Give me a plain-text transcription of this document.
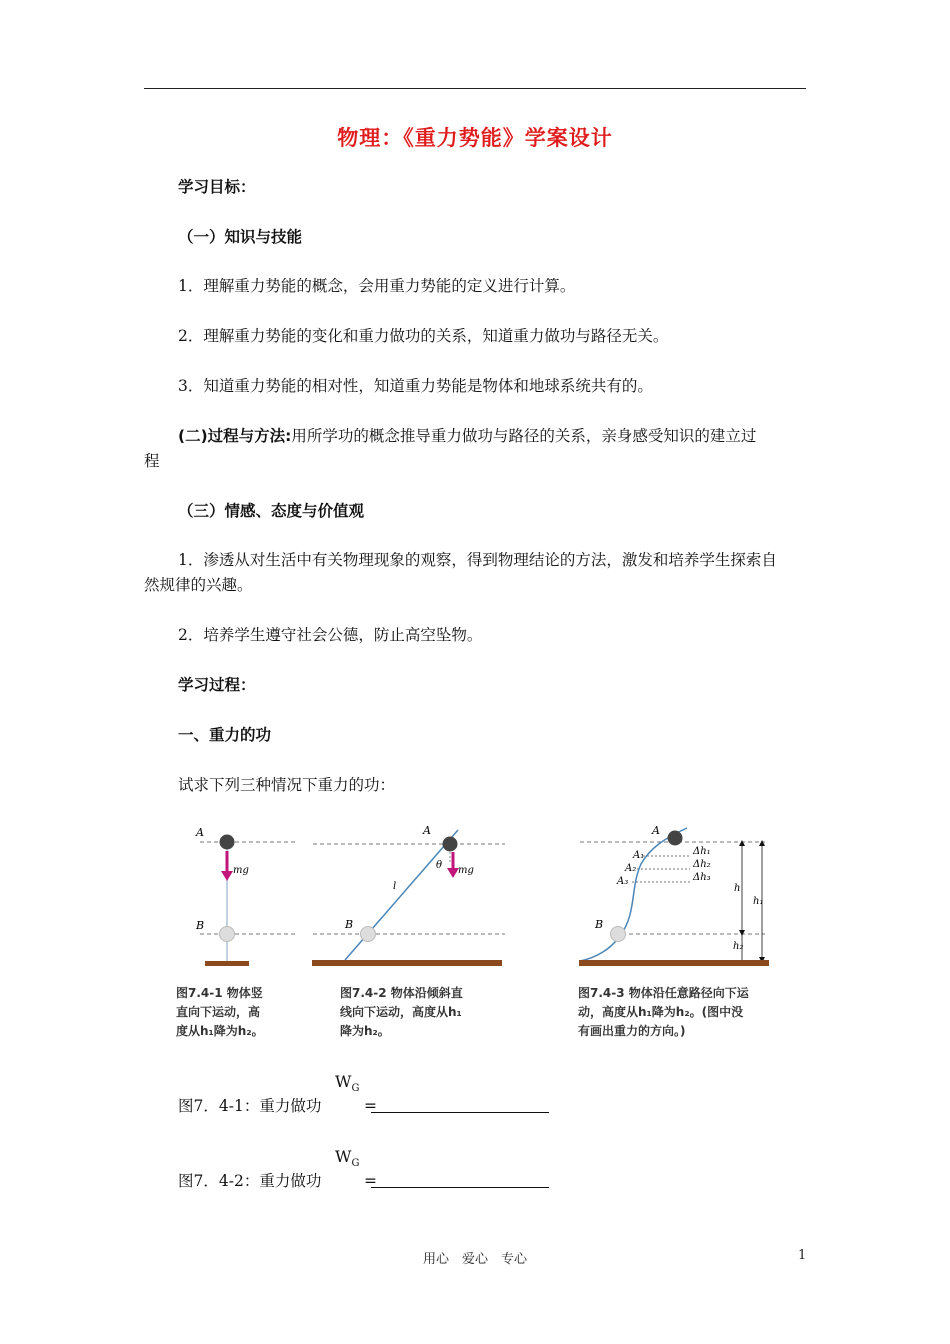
物理：《重力势能》学案设计
学习目标：
（一）知识与技能
1．理解重力势能的概念，会用重力势能的定义进行计算。
2．理解重力势能的变化和重力做功的关系，知道重力做功与路径无关。
3．知道重力势能的相对性，知道重力势能是物体和地球系统共有的。
(二)过程与方法:用所学功的概念推导重力做功与路径的关系，亲身感受知识的建立过
程
（三）情感、态度与价值观
1．渗透从对生活中有关物理现象的观察，得到物理结论的方法，激发和培养学生探索自
然规律的兴趣。
2．培养学生遵守社会公德，防止高空坠物。
学习过程：
一、重力的功
试求下列三种情况下重力的功：
A
B
mg
A
B
mg
θ
l
A
B
A₁
A₂
A₃
Δh₁
Δh₂
Δh₃
h
h₁
h₂
图7.4-1 物体竖
直向下运动，高
度从h₁降为h₂。
图7.4-2 物体沿倾斜直
线向下运动，高度从h₁
降为h₂。
图7.4-3 物体沿任意路径向下运
动，高度从h₁降为h₂。(图中没
有画出重力的方向。)
$W_G$
图7．4-1：重力做功	=
$W_G$
图7．4-2：重力做功	=
用心　爱心　专心	1
